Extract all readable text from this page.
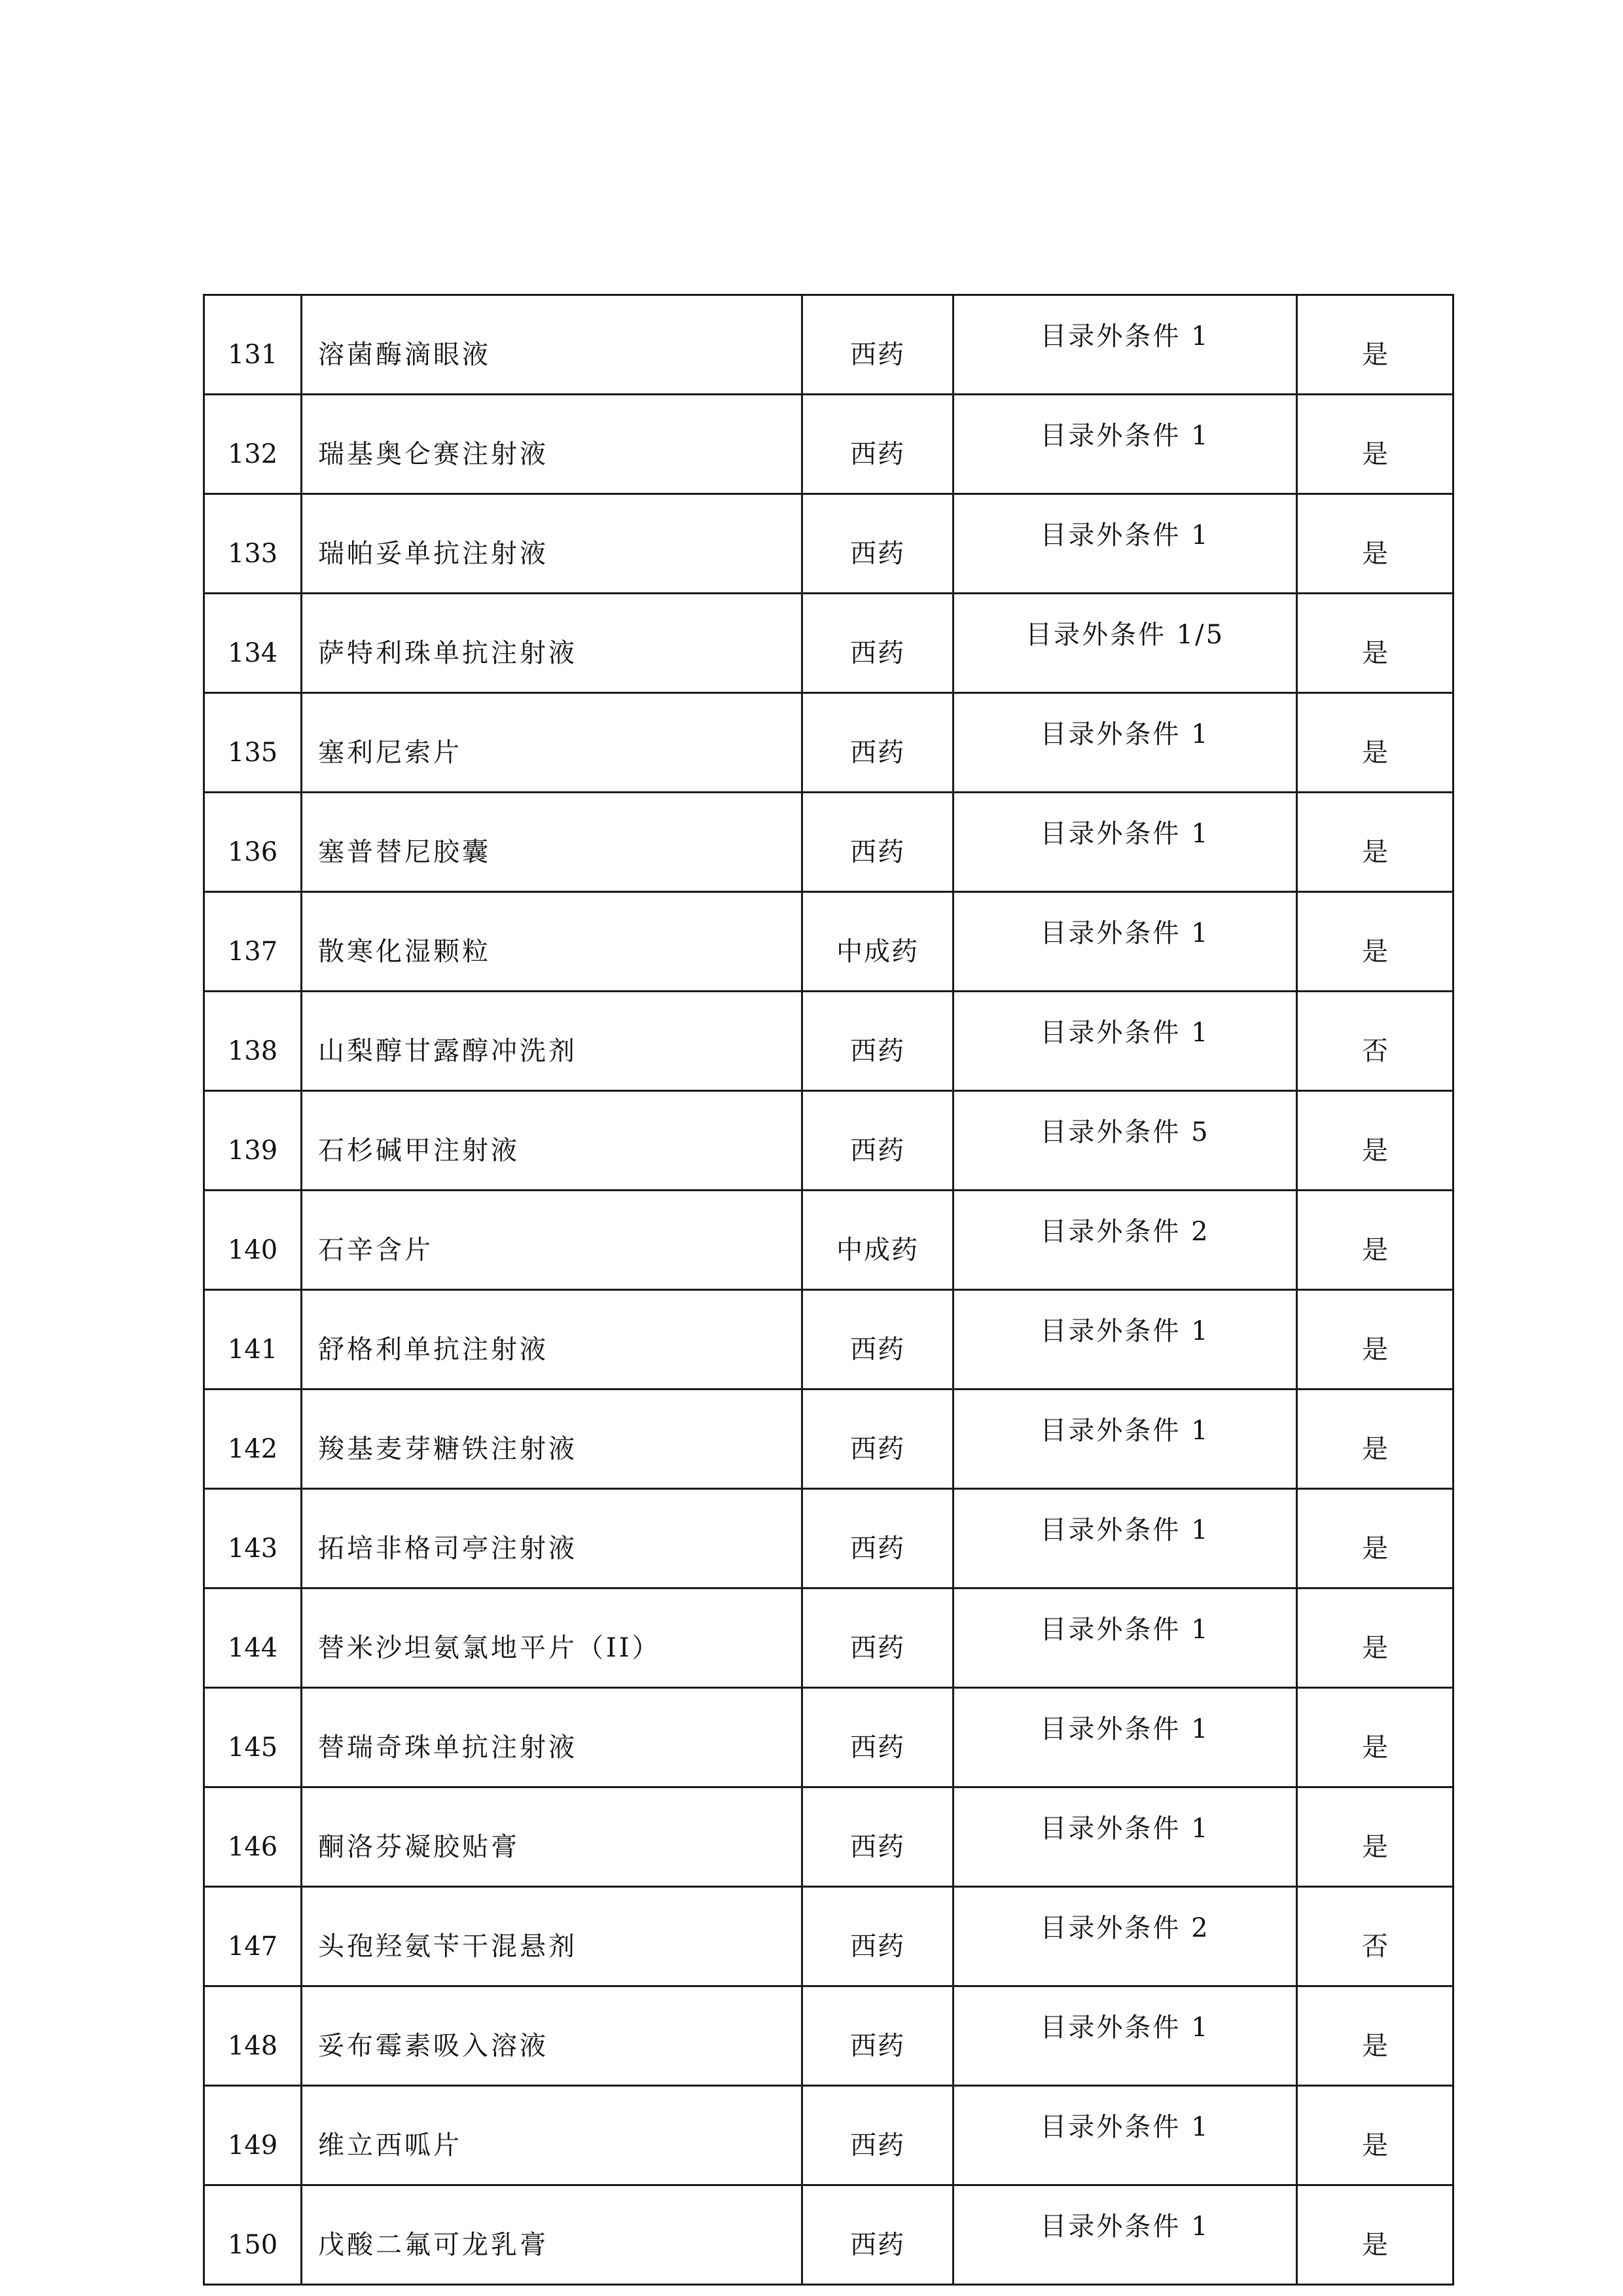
131	溶菌酶滴眼液	西药	目录外条件 1	是
132	瑞基奥仑赛注射液	西药	目录外条件 1	是
133	瑞帕妥单抗注射液	西药	目录外条件 1	是
134	萨特利珠单抗注射液	西药	目录外条件 1/5	是
135	塞利尼索片	西药	目录外条件 1	是
136	塞普替尼胶囊	西药	目录外条件 1	是
137	散寒化湿颗粒	中成药	目录外条件 1	是
138	山梨醇甘露醇冲洗剂	西药	目录外条件 1	否
139	石杉碱甲注射液	西药	目录外条件 5	是
140	石辛含片	中成药	目录外条件 2	是
141	舒格利单抗注射液	西药	目录外条件 1	是
142	羧基麦芽糖铁注射液	西药	目录外条件 1	是
143	拓培非格司亭注射液	西药	目录外条件 1	是
144	替米沙坦氨氯地平片（II）	西药	目录外条件 1	是
145	替瑞奇珠单抗注射液	西药	目录外条件 1	是
146	酮洛芬凝胶贴膏	西药	目录外条件 1	是
147	头孢羟氨苄干混悬剂	西药	目录外条件 2	否
148	妥布霉素吸入溶液	西药	目录外条件 1	是
149	维立西呱片	西药	目录外条件 1	是
150	戊酸二氟可龙乳膏	西药	目录外条件 1	是
